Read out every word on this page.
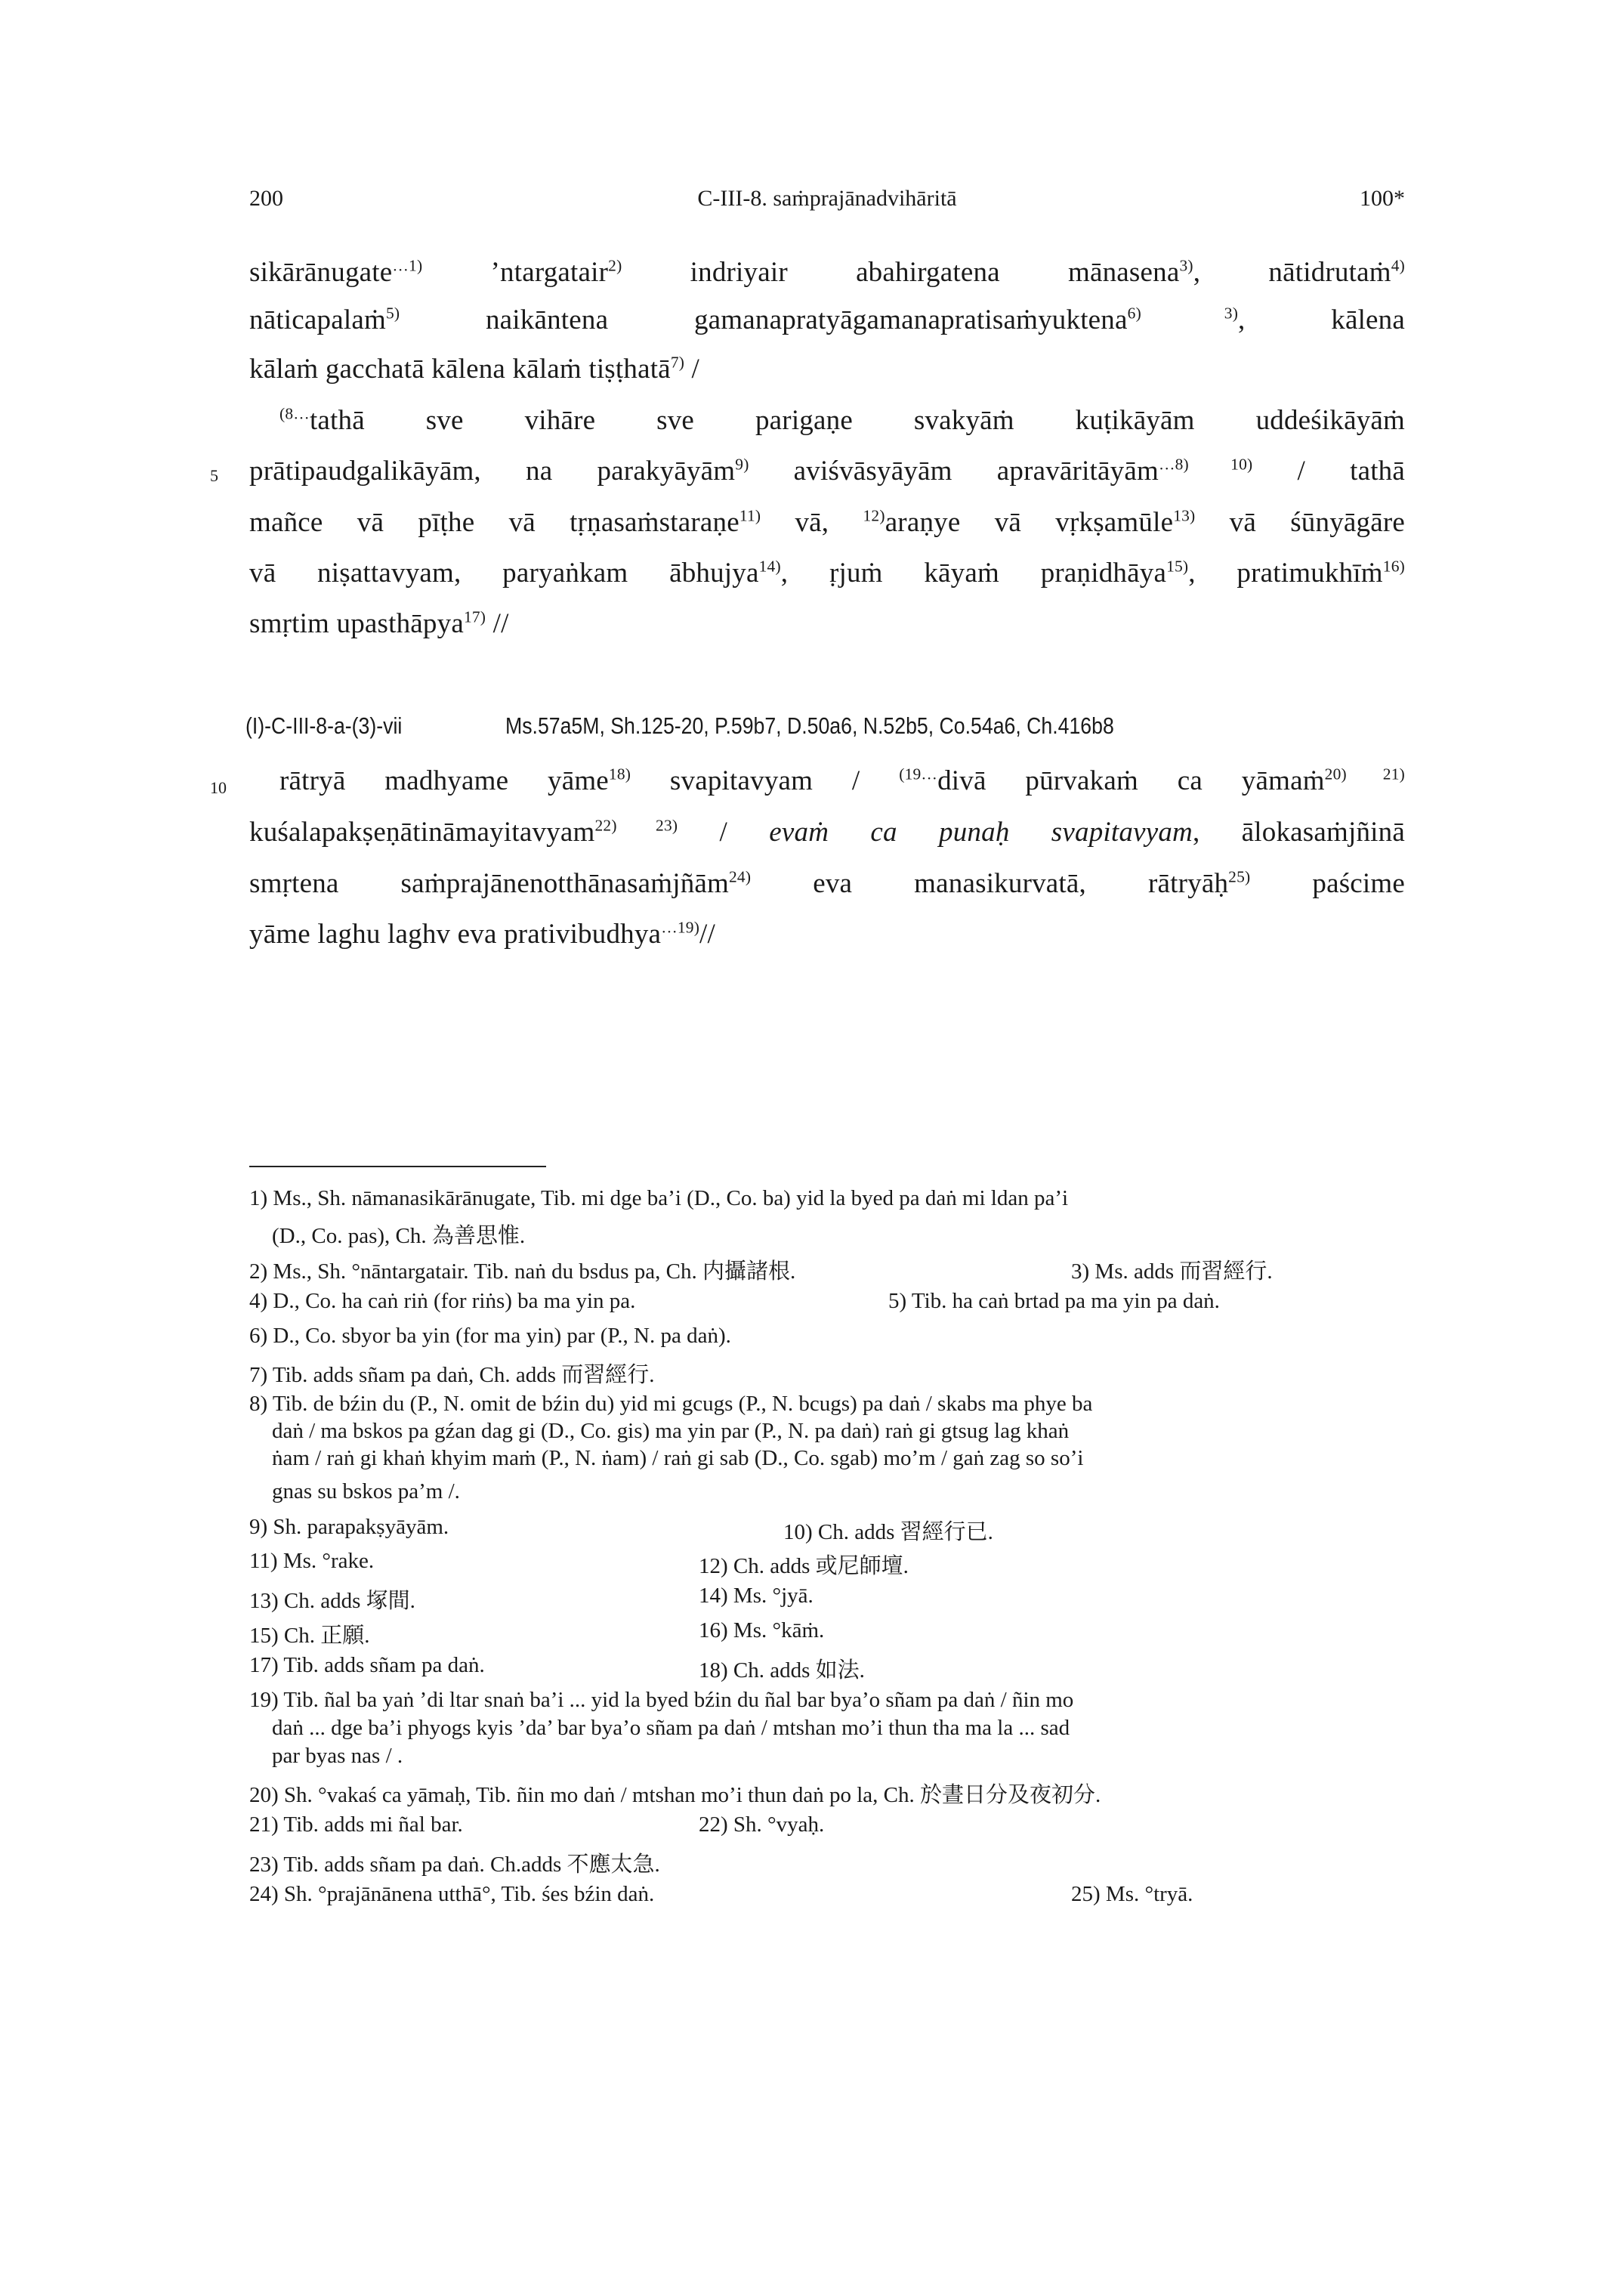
200	C-III-8. saṁprajānadvihāritā	100*
sikārānugate$^{\dots 1)}$ ’ntargatair$^{2)}$ indriyair abahirgatena mānasena$^{3)}$, nātidrutaṁ$^{4)}$
nāticapalaṁ$^{5)}$ naikāntena gamanapratyāgamanapratisaṁyuktena$^{6) 3)}$, kālena
kālaṁ gacchatā kālena kālaṁ tiṣṭhatā$^{7)}$ /
$^{(8\dots}$tathā sve vihāre sve parigaṇe svakyāṁ kuṭikāyām uddeśikāyāṁ
5 prātipaudgalikāyām, na parakyāyām$^{9)}$ aviśvāsyāyām apravāritāyām$^{\dots 8) 10)}$ / tathā
mañce vā pīṭhe vā tṛṇasaṁstaraṇe$^{11)}$ vā, $^{12)}$araṇye vā vṛkṣamūle$^{13)}$ vā śūnyāgāre
vā niṣattavyam, paryaṅkam ābhujya$^{14)}$, ṛjuṁ kāyaṁ praṇidhāya$^{15)}$, pratimukhīṁ$^{16)}$
smṛtim upasthāpya$^{17)}$ //
(I)-C-III-8-a-(3)-vii	Ms.57a5M, Sh.125-20, P.59b7, D.50a6, N.52b5, Co.54a6, Ch.416b8
10 rātryā madhyame yāme$^{18)}$ svapitavyam / $^{(19\dots}$divā pūrvakaṁ ca yāmaṁ$^{20) 21)}$
kuśalapakṣeṇātināmayitavyam$^{22) 23)}$ / evaṁ ca punaḥ svapitavyam, ālokasaṁjñinā
smṛtena saṁprajānenotthānasaṁjñām$^{24)}$ eva manasikurvatā, rātryāḥ$^{25)}$ paścime
yāme laghu laghv eva prativibudhya$^{\dots 19)}$//
1) Ms., Sh. nāmanasikārānugate, Tib. mi dge ba’i (D., Co. ba) yid la byed pa daṅ mi ldan pa’i
(D., Co. pas), Ch. 為善思惟.
2) Ms., Sh. °nāntargatair. Tib. naṅ du bsdus pa, Ch. 内攝諸根.	3) Ms. adds 而習經行.
4) D., Co. ha caṅ riṅ (for riṅs) ba ma yin pa.	5) Tib. ha caṅ brtad pa ma yin pa daṅ.
6) D., Co. sbyor ba yin (for ma yin) par (P., N. pa daṅ).
7) Tib. adds sñam pa daṅ, Ch. adds 而習經行.
8) Tib. de bźin du (P., N. omit de bźin du) yid mi gcugs (P., N. bcugs) pa daṅ / skabs ma phye ba
daṅ / ma bskos pa gźan dag gi (D., Co. gis) ma yin par (P., N. pa daṅ) raṅ gi gtsug lag khaṅ
ṅam / raṅ gi khaṅ khyim maṁ (P., N. ṅam) / raṅ gi sab (D., Co. sgab) mo’m / gaṅ zag so so’i
gnas su bskos pa’m /.
9) Sh. parapakṣyāyām.	10) Ch. adds 習經行已.
11) Ms. °rake.	12) Ch. adds 或尼師壇.
13) Ch. adds 塚間.	14) Ms. °jyā.
15) Ch. 正願.	16) Ms. °kāṁ.
17) Tib. adds sñam pa daṅ.	18) Ch. adds 如法.
19) Tib. ñal ba yaṅ ’di ltar snaṅ ba’i ... yid la byed bźin du ñal bar bya’o sñam pa daṅ / ñin mo
daṅ ... dge ba’i phyogs kyis ’da’ bar bya’o sñam pa daṅ / mtshan mo’i thun tha ma la ... sad
par byas nas / .
20) Sh. °vakaś ca yāmaḥ, Tib. ñin mo daṅ / mtshan mo’i thun daṅ po la, Ch. 於晝日分及夜初分.
21) Tib. adds mi ñal bar.	22) Sh. °vyaḥ.
23) Tib. adds sñam pa daṅ. Ch.adds 不應太急.
24) Sh. °prajānānena utthā°, Tib. śes bźin daṅ.	25) Ms. °tryā.
